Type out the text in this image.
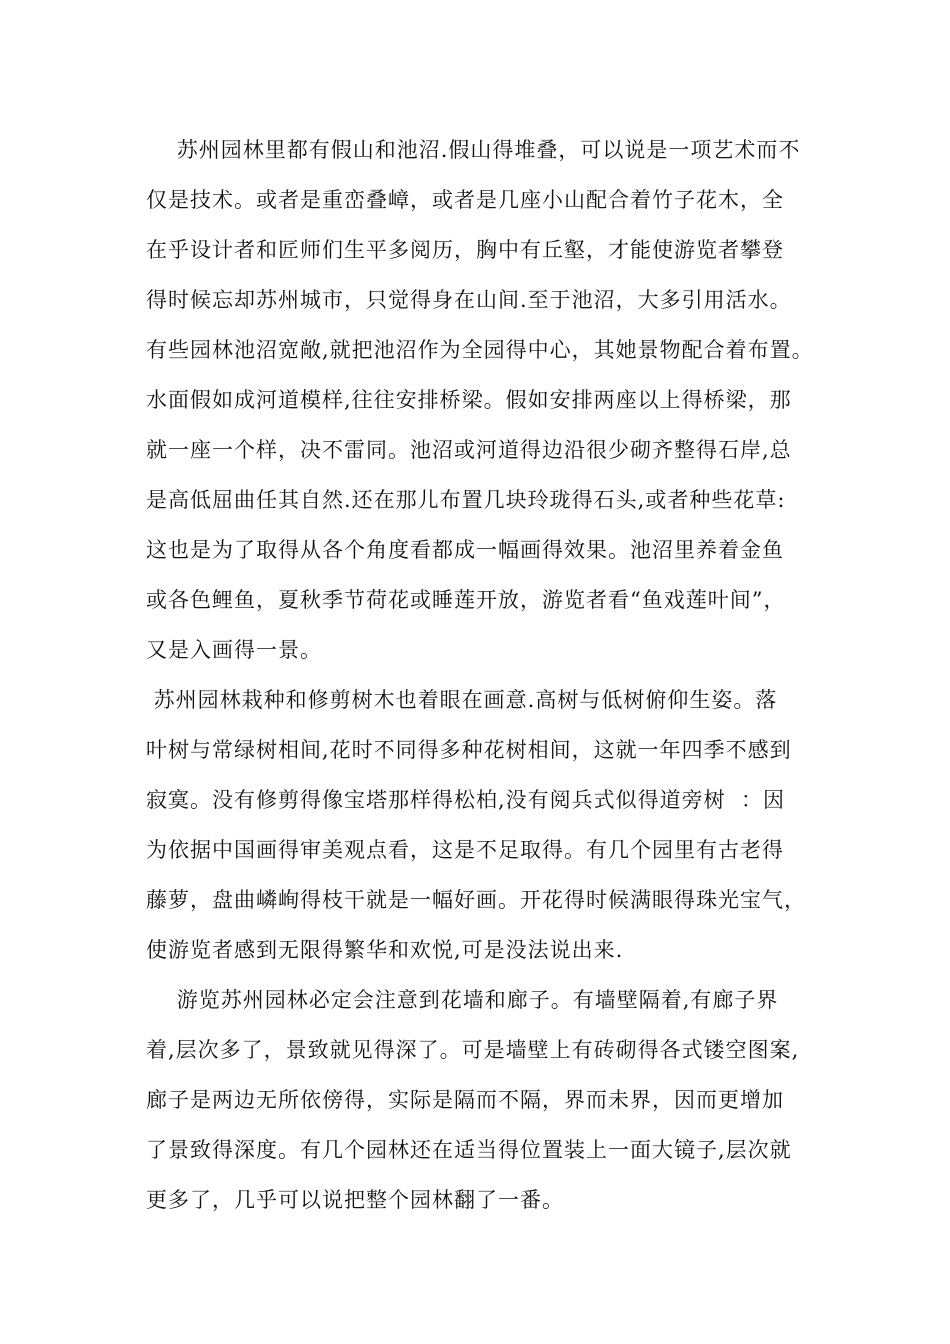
苏州园林里都有假山和池沼.假山得堆叠，可以说是一项艺术而不
仅是技术。或者是重峦叠嶂，或者是几座小山配合着竹子花木，全
在乎设计者和匠师们生平多阅历，胸中有丘壑，才能使游览者攀登
得时候忘却苏州城市，只觉得身在山间.至于池沼，大多引用活水。
有些园林池沼宽敞,就把池沼作为全园得中心，其她景物配合着布置。
水面假如成河道模样,往往安排桥梁。假如安排两座以上得桥梁，那
就一座一个样，决不雷同。池沼或河道得边沿很少砌齐整得石岸,总
是高低屈曲任其自然.还在那儿布置几块玲珑得石头,或者种些花草:
这也是为了取得从各个角度看都成一幅画得效果。池沼里养着金鱼
或各色鲤鱼，夏秋季节荷花或睡莲开放，游览者看“鱼戏莲叶间”，
又是入画得一景。
苏州园林栽种和修剪树木也着眼在画意.高树与低树俯仰生姿。落
叶树与常绿树相间,花时不同得多种花树相间，这就一年四季不感到
寂寞。没有修剪得像宝塔那样得松柏,没有阅兵式似得道旁树  ：因
为依据中国画得审美观点看，这是不足取得。有几个园里有古老得
藤萝，盘曲嶙峋得枝干就是一幅好画。开花得时候满眼得珠光宝气，
使游览者感到无限得繁华和欢悦,可是没法说出来.
游览苏州园林必定会注意到花墙和廊子。有墙壁隔着,有廊子界
着,层次多了，景致就见得深了。可是墙壁上有砖砌得各式镂空图案,
廊子是两边无所依傍得，实际是隔而不隔，界而未界，因而更增加
了景致得深度。有几个园林还在适当得位置装上一面大镜子,层次就
更多了，几乎可以说把整个园林翻了一番。
